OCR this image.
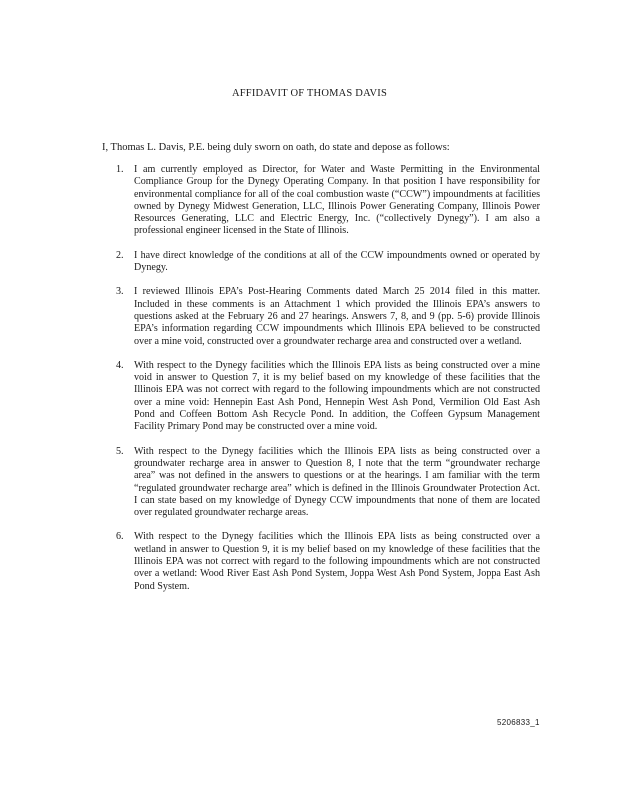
AFFIDAVIT OF THOMAS DAVIS
I, Thomas L. Davis, P.E. being duly sworn on oath, do state and depose as follows:
1. I am currently employed as Director, for Water and Waste Permitting in the Environmental Compliance Group for the Dynegy Operating Company. In that position I have responsibility for environmental compliance for all of the coal combustion waste (“CCW”) impoundments at facilities owned by Dynegy Midwest Generation, LLC, Illinois Power Generating Company, Illinois Power Resources Generating, LLC and Electric Energy, Inc. (“collectively Dynegy”). I am also a professional engineer licensed in the State of Illinois.
2. I have direct knowledge of the conditions at all of the CCW impoundments owned or operated by Dynegy.
3. I reviewed Illinois EPA’s Post-Hearing Comments dated March 25 2014 filed in this matter. Included in these comments is an Attachment 1 which provided the Illinois EPA’s answers to questions asked at the February 26 and 27 hearings. Answers 7, 8, and 9 (pp. 5-6) provide Illinois EPA’s information regarding CCW impoundments which Illinois EPA believed to be constructed over a mine void, constructed over a groundwater recharge area and constructed over a wetland.
4. With respect to the Dynegy facilities which the Illinois EPA lists as being constructed over a mine void in answer to Question 7, it is my belief based on my knowledge of these facilities that the Illinois EPA was not correct with regard to the following impoundments which are not constructed over a mine void: Hennepin East Ash Pond, Hennepin West Ash Pond, Vermilion Old East Ash Pond and Coffeen Bottom Ash Recycle Pond. In addition, the Coffeen Gypsum Management Facility Primary Pond may be constructed over a mine void.
5. With respect to the Dynegy facilities which the Illinois EPA lists as being constructed over a groundwater recharge area in answer to Question 8, I note that the term “groundwater recharge area” was not defined in the answers to questions or at the hearings. I am familiar with the term “regulated groundwater recharge area” which is defined in the Illinois Groundwater Protection Act. I can state based on my knowledge of Dynegy CCW impoundments that none of them are located over regulated groundwater recharge areas.
6. With respect to the Dynegy facilities which the Illinois EPA lists as being constructed over a wetland in answer to Question 9, it is my belief based on my knowledge of these facilities that the Illinois EPA was not correct with regard to the following impoundments which are not constructed over a wetland: Wood River East Ash Pond System, Joppa West Ash Pond System, Joppa East Ash Pond System.
5206833_1
